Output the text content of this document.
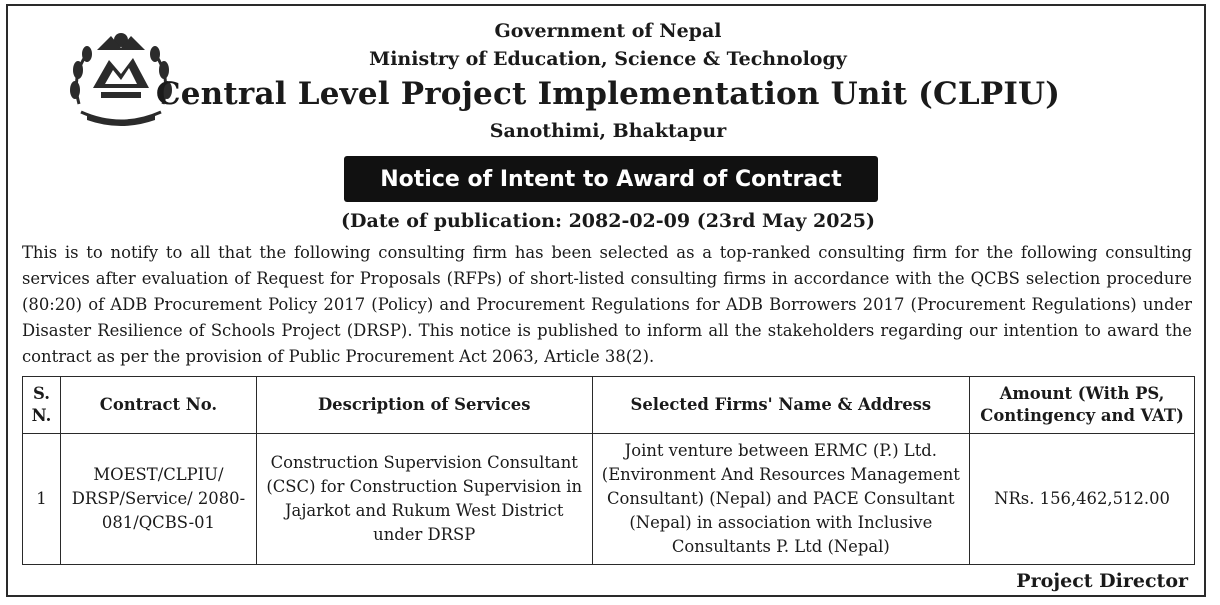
Government of Nepal
Ministry of Education, Science & Technology
Central Level Project Implementation Unit (CLPIU)
Sanothimi, Bhaktapur
Notice of Intent to Award of Contract
(Date of publication: 2082-02-09 (23rd May 2025)

This is to notify to all that the following consulting firm has been selected as a top-ranked consulting firm for the following consulting services after evaluation of Request for Proposals (RFPs) of short-listed consulting firms in accordance with the QCBS selection procedure (80:20) of ADB Procurement Policy 2017 (Policy) and Procurement Regulations for ADB Borrowers 2017 (Procurement Regulations) under Disaster Resilience of Schools Project (DRSP). This notice is published to inform all the stakeholders regarding our intention to award the contract as per the provision of Public Procurement Act 2063, Article 38(2).

S. N.	Contract No.	Description of Services	Selected Firms' Name & Address	Amount (With PS, Contingency and VAT)
1	MOEST/CLPIU/ DRSP/Service/ 2080-081/QCBS-01	Construction Supervision Consultant (CSC) for Construction Supervision in Jajarkot and Rukum West District under DRSP	Joint venture between ERMC (P.) Ltd. (Environment And Resources Management Consultant) (Nepal) and PACE Consultant (Nepal) in association with Inclusive Consultants P. Ltd (Nepal)	NRs. 156,462,512.00
Project Director
